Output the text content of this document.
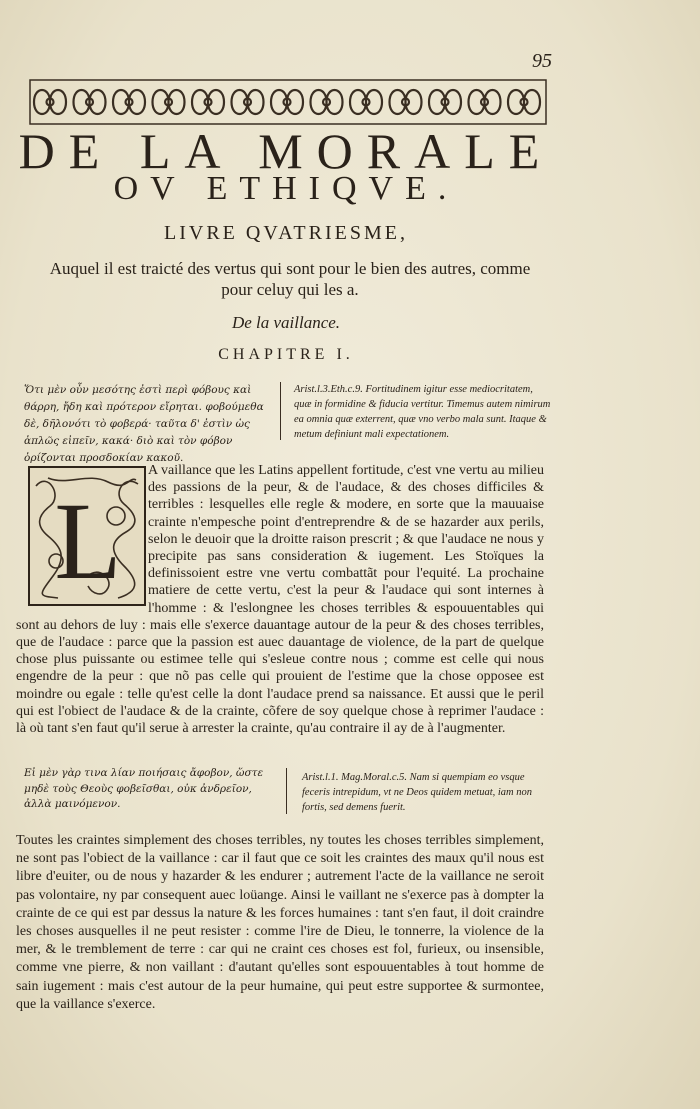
95
DE LA MORALE
OV ETHIQVE.
LIVRE QVATRIESME,
Auquel il est traicté des vertus qui sont pour le bien des autres, comme pour celuy qui les a.
De la vaillance.
CHAPITRE I.
Ὅτι μὲν οὖν μεσότης ἐστὶ περὶ φόβους καὶ θάρρη, ἤδη καὶ πρότερον εἴρηται. φοβούμεθα δὲ, δῆλονότι τὸ φοβερά· ταῦτα δ' ἐστὶν ὡς ἁπλῶς εἰπεῖν, κακά· διὸ καὶ τὸν φόβον ὁρίζονται προσδοκίαν κακοῦ.
Arist.l.3.Eth.c.9. Fortitudinem igitur esse mediocritatem, quæ in formidine & fiducia vertitur. Timemus autem nimirum ea omnia quæ exterrent, quæ vno verbo mala sunt. Itaque & metum definiunt mali expectationem.
A vaillance que les Latins appellent fortitude, c'est vne vertu au milieu des passions de la peur, & de l'audace, & des choses difficiles & terribles : lesquelles elle regle & modere, en sorte que la mauuaise crainte n'empesche point d'entreprendre & de se hazarder aux perils, selon le deuoir que la droitte raison prescrit ; & que l'audace ne nous y precipite pas sans consideration & iugement. Les Stoïques la definissoient estre vne vertu combattãt pour l'equité. La prochaine matiere de cette vertu, c'est la peur & l'audace qui sont internes à l'homme : & l'eslongnee les choses terribles & espouuentables qui sont au dehors de luy : mais elle s'exerce dauantage autour de la peur & des choses terribles, que de l'audace : parce que la passion est auec dauantage de violence, de la part de quelque chose plus puissante ou estimee telle qui s'esleue contre nous ; comme est celle qui nous engendre de la peur : que nõ pas celle qui prouient de l'estime que la chose opposee est moindre ou egale : telle qu'est celle la dont l'audace prend sa naissance. Et aussi que le peril qui est l'obiect de l'audace & de la crainte, cõfere de soy quelque chose à reprimer l'audace : là où tant s'en faut qu'il serue à arrester la crainte, qu'au contraire il ay de à l'augmenter.
L
Εἰ μὲν γὰρ τινα λίαν ποιήσαις ἄφοβον, ὥστε μηδὲ τοὺς Θεοὺς φοβεῖσθαι, οὐκ ἀνδρεῖον, ἀλλὰ μαινόμενον.
Arist.l.1. Mag.Moral.c.5. Nam si quempiam eo vsque feceris intrepidum, vt ne Deos quidem metuat, iam non fortis, sed demens fuerit.
Toutes les craintes simplement des choses terribles, ny toutes les choses terribles simplement, ne sont pas l'obiect de la vaillance : car il faut que ce soit les craintes des maux qu'il nous est libre d'euiter, ou de nous y hazarder & les endurer ; autrement l'acte de la vaillance ne seroit pas volontaire, ny par consequent auec loüange. Ainsi le vaillant ne s'exerce pas à dompter la crainte de ce qui est par dessus la nature & les forces humaines : tant s'en faut, il doit craindre les choses ausquelles il ne peut resister : comme l'ire de Dieu, le tonnerre, la violence de la mer, & le tremblement de terre : car qui ne craint ces choses est fol, furieux, ou insensible, comme vne pierre, & non vaillant : d'autant qu'elles sont espouuentables à tout homme de sain iugement : mais c'est autour de la peur humaine, qui peut estre supportee & surmontee, que la vaillance s'exerce.
